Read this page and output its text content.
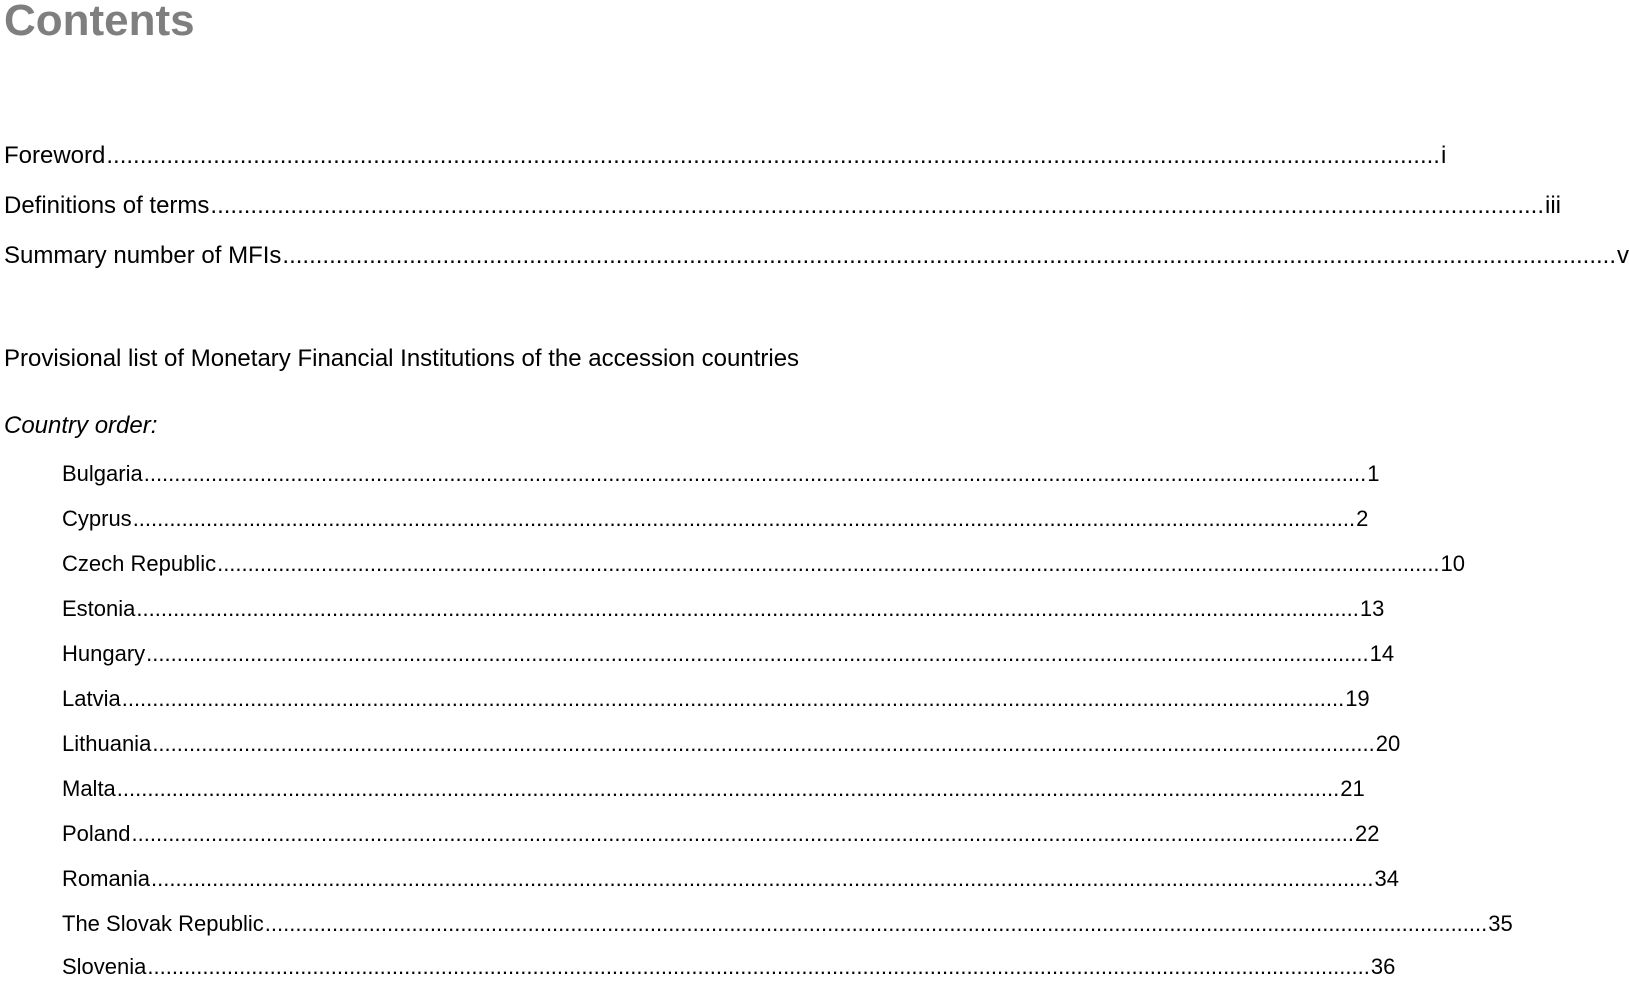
Contents
Foreword ........................................................................................................................................................................................................ i
Definitions of terms ........................................................................................................................................................................................................ iii
Summary number of MFIs ........................................................................................................................................................................................................ v
Provisional list of Monetary Financial Institutions of the accession countries
Country order:
Bulgaria ........................................................................................................................................................................................................ 1
Cyprus ........................................................................................................................................................................................................ 2
Czech Republic ........................................................................................................................................................................................................ 10
Estonia ........................................................................................................................................................................................................ 13
Hungary ........................................................................................................................................................................................................ 14
Latvia ........................................................................................................................................................................................................ 19
Lithuania ........................................................................................................................................................................................................ 20
Malta ........................................................................................................................................................................................................ 21
Poland ........................................................................................................................................................................................................ 22
Romania ........................................................................................................................................................................................................ 34
The Slovak Republic ........................................................................................................................................................................................................ 35
Slovenia ........................................................................................................................................................................................................ 36
